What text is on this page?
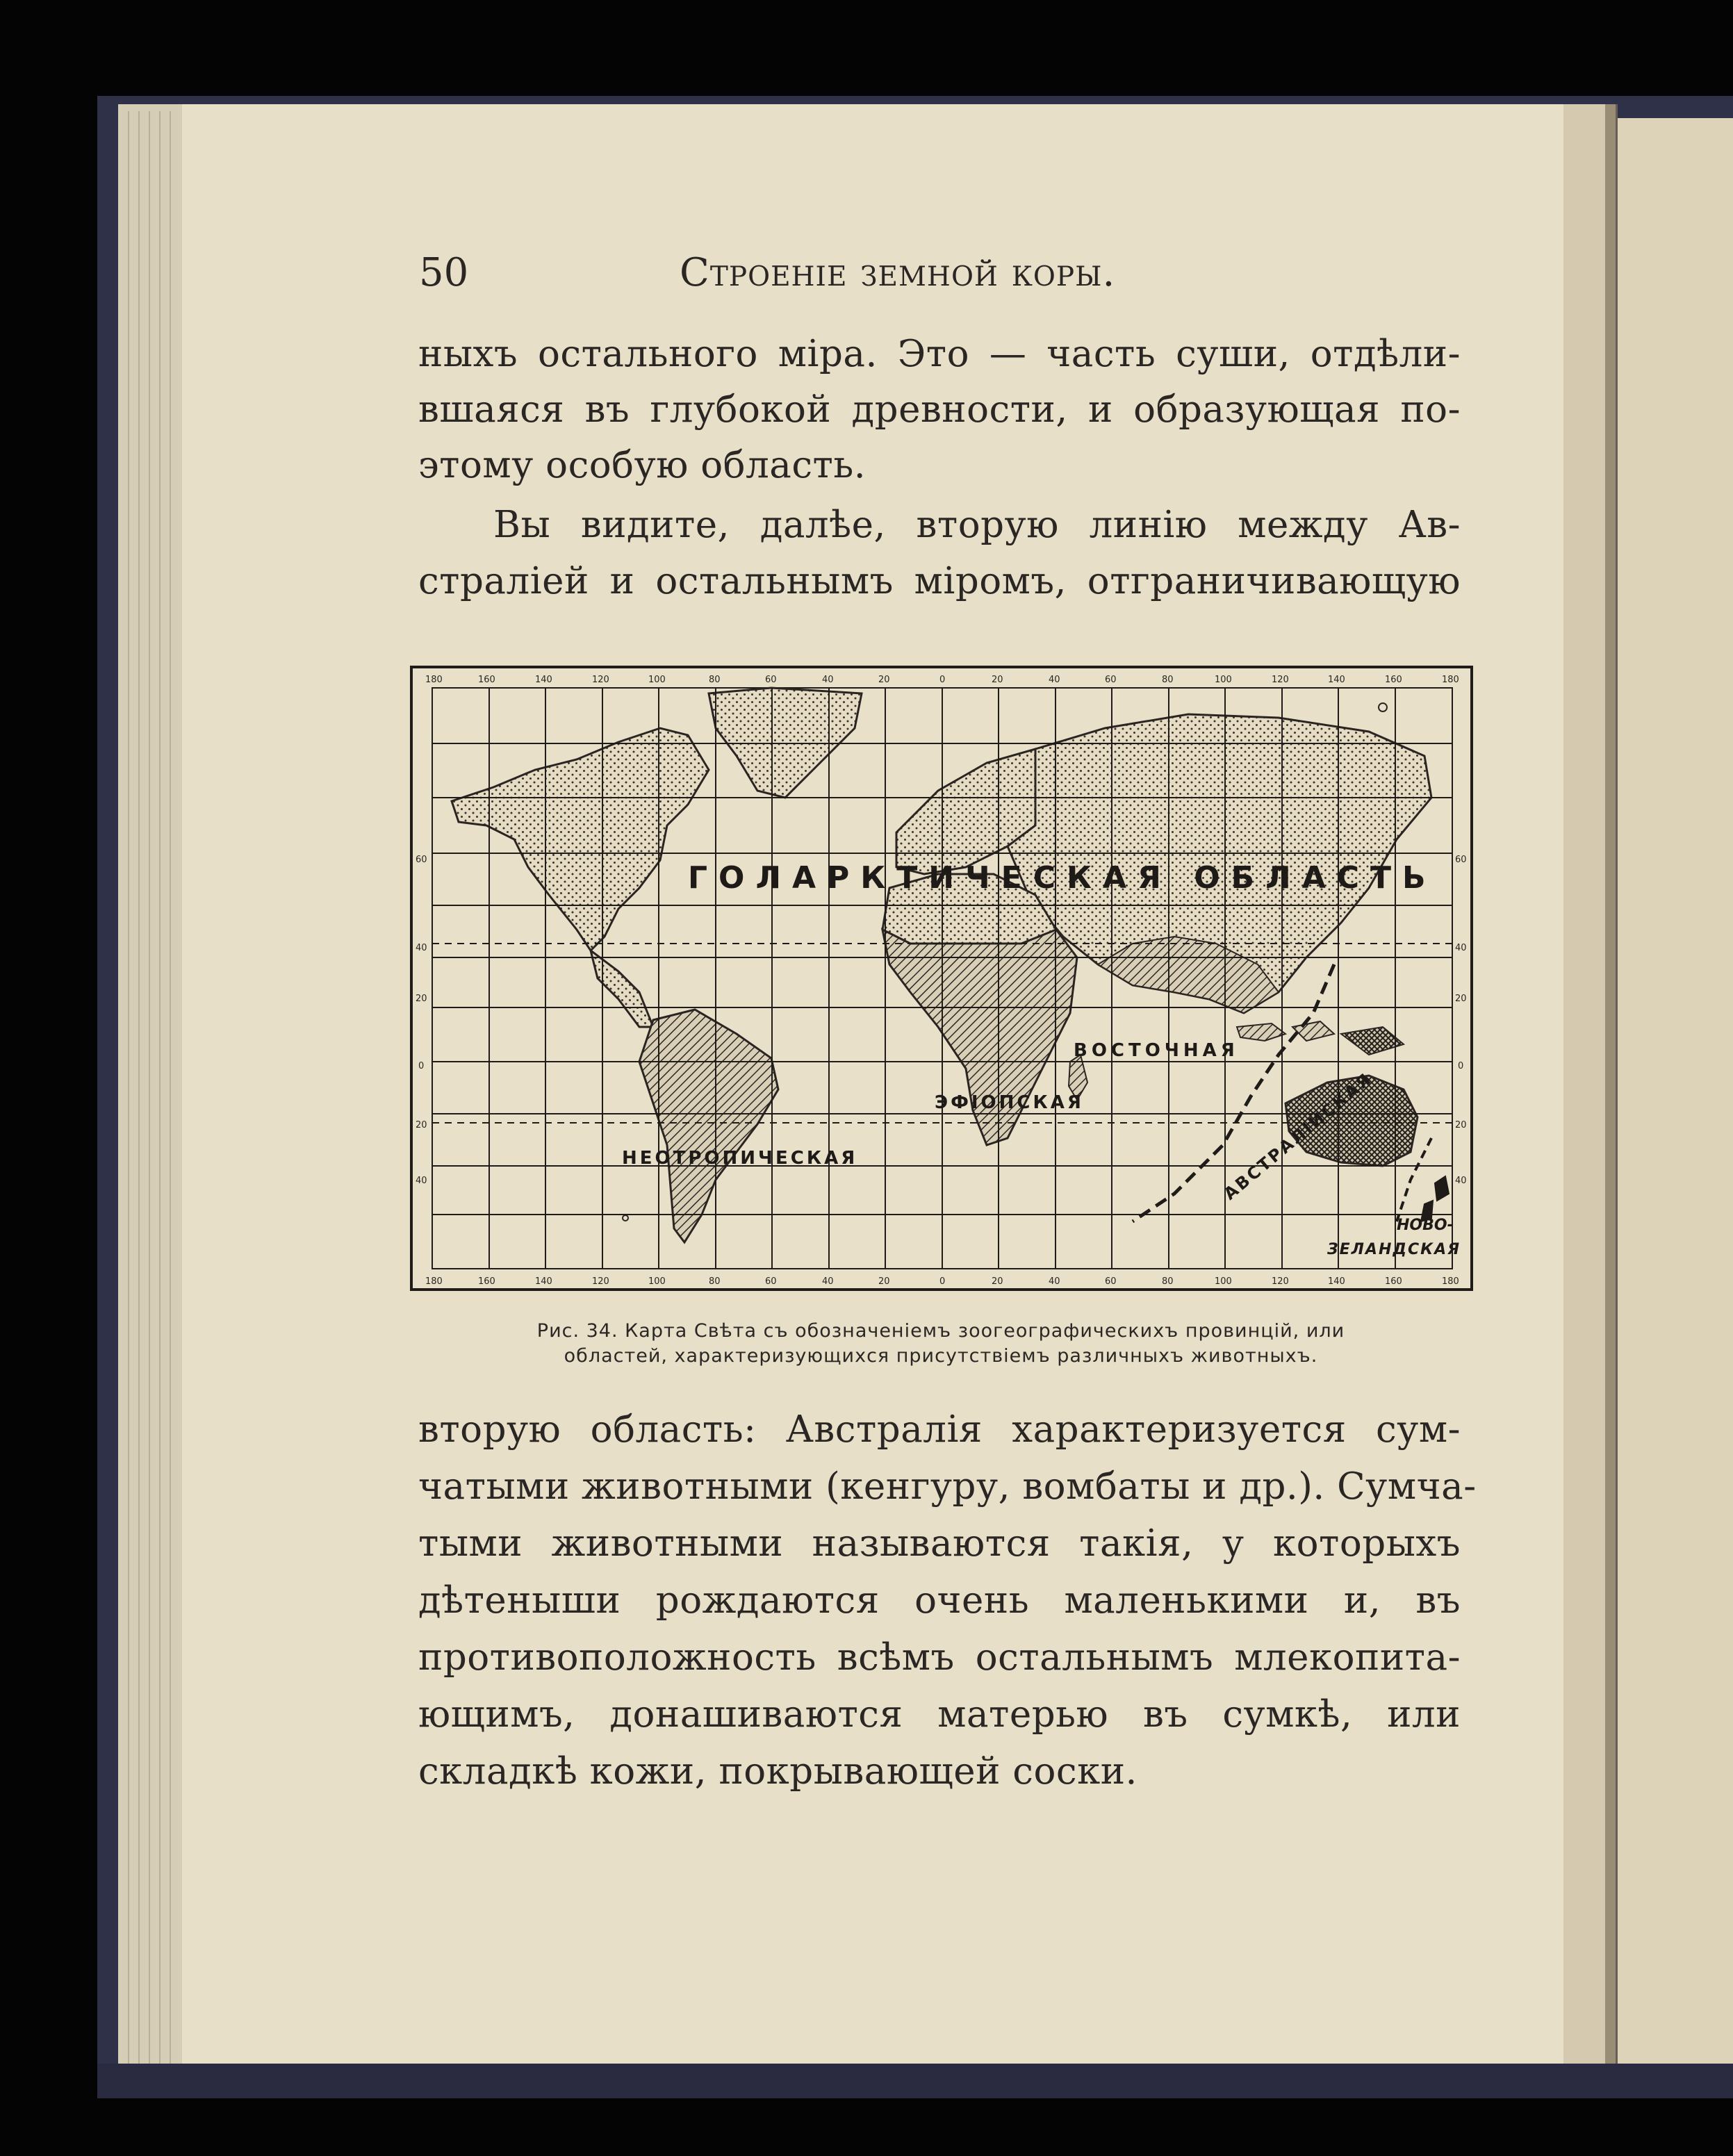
50	Строеніе земной коры.
ныхъ остального міра. Это — часть суши, отдѣли-
вшаяся въ глубокой древности, и образующая по-
этому особую область.
Вы видите, далѣе, вторую линію между Ав-
страліей и остальнымъ міромъ, отграничивающую
ГОЛАРКТИЧЕСКАЯ ОБЛАСТЬ
ВОСТОЧНАЯ
ЭФІОПСКАЯ
НЕОТРОПИЧЕСКАЯ	АВСТРАЛІЙСКАЯ
НОВО-
ЗЕЛАНДСКАЯ
180	160	140	120	100	80	60	40	20	0	20	40	60	80	100	120	140	160	180
180	160	140	120	100	80	60	40	20	0	20	40	60	80	100	120	140	160	180
60
40
20
0
20
40
60
40
20
0
20
40
Рис. 34. Карта Свѣта съ обозначеніемъ зоогеографическихъ провинцій, или
областей, характеризующихся присутствіемъ различныхъ животныхъ.
вторую область: Австралія характеризуется сум-
чатыми животными (кенгуру, вомбаты и др.). Сумча-
тыми животными называются такія, у которыхъ
дѣтеныши рождаются очень маленькими и, въ
противоположность всѣмъ остальнымъ млекопита-
ющимъ, донашиваются матерью въ сумкѣ, или
складкѣ кожи, покрывающей соски.
